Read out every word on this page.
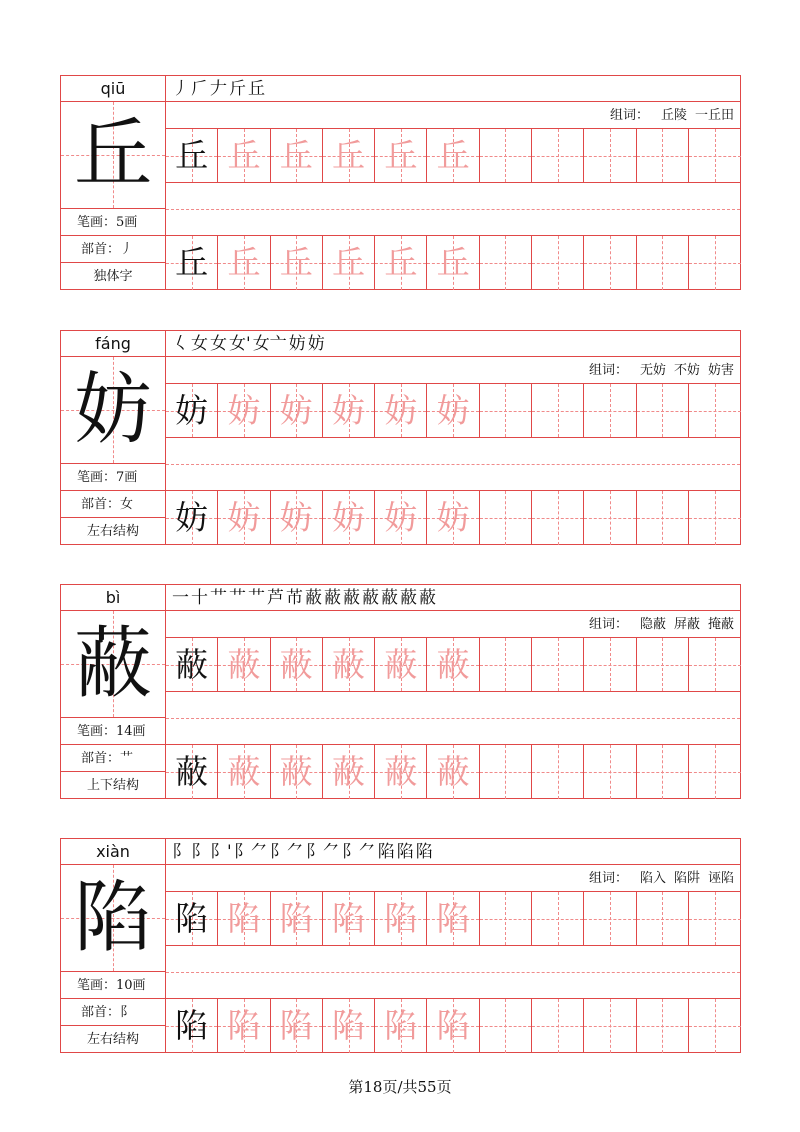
qiū
丘
笔画：5画
部首：丿
独体字
丿 𠂆 𠂇 斤 丘
组词： 丘陵 一丘田
丘 丘 丘 丘 丘 丘
丘 丘 丘 丘 丘 丘
fáng
妨
笔画：7画
部首：女
左右结构
𡿨 女 女 女' 女亠 妨 妨
组词： 无妨 不妨 妨害
妨 妨 妨 妨 妨 妨
妨 妨 妨 妨 妨 妨
bì
蔽
笔画：14画
部首：艹
上下结构
一 十 艹 艹 艹 芦 芇 蔽 蔽 蔽 蔽 蔽 蔽 蔽
组词： 隐蔽 屏蔽 掩蔽
蔽 蔽 蔽 蔽 蔽 蔽
蔽 蔽 蔽 蔽 蔽 蔽
xiàn
陷
笔画：10画
部首：阝
左右结构
⻖ 阝 阝' 阝⺈ 阝⺈ 阝⺈ 阝⺈ 陷 陷 陷
组词： 陷入 陷阱 诬陷
陷 陷 陷 陷 陷 陷
陷 陷 陷 陷 陷 陷
第18页/共55页
